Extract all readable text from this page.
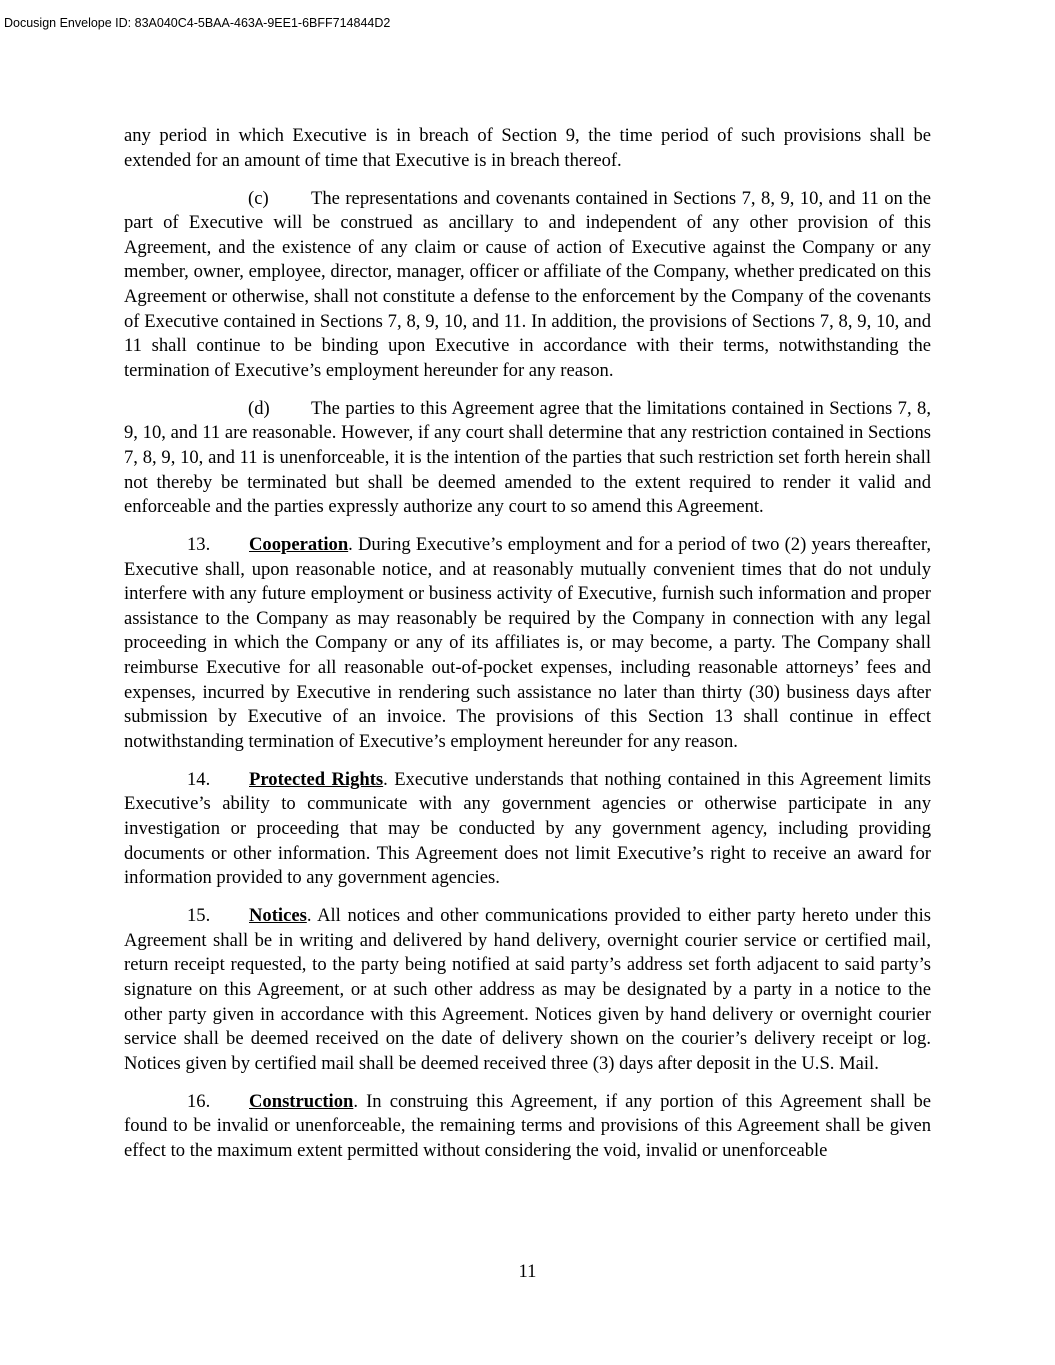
Docusign Envelope ID: 83A040C4-5BAA-463A-9EE1-6BFF714844D2

any period in which Executive is in breach of Section 9, the time period of such provisions shall be extended for an amount of time that Executive is in breach thereof.

(c) The representations and covenants contained in Sections 7, 8, 9, 10, and 11 on the part of Executive will be construed as ancillary to and independent of any other provision of this Agreement, and the existence of any claim or cause of action of Executive against the Company or any member, owner, employee, director, manager, officer or affiliate of the Company, whether predicated on this Agreement or otherwise, shall not constitute a defense to the enforcement by the Company of the covenants of Executive contained in Sections 7, 8, 9, 10, and 11. In addition, the provisions of Sections 7, 8, 9, 10, and 11 shall continue to be binding upon Executive in accordance with their terms, notwithstanding the termination of Executive’s employment hereunder for any reason.

(d) The parties to this Agreement agree that the limitations contained in Sections 7, 8, 9, 10, and 11 are reasonable. However, if any court shall determine that any restriction contained in Sections 7, 8, 9, 10, and 11 is unenforceable, it is the intention of the parties that such restriction set forth herein shall not thereby be terminated but shall be deemed amended to the extent required to render it valid and enforceable and the parties expressly authorize any court to so amend this Agreement.

13. Cooperation. During Executive’s employment and for a period of two (2) years thereafter, Executive shall, upon reasonable notice, and at reasonably mutually convenient times that do not unduly interfere with any future employment or business activity of Executive, furnish such information and proper assistance to the Company as may reasonably be required by the Company in connection with any legal proceeding in which the Company or any of its affiliates is, or may become, a party. The Company shall reimburse Executive for all reasonable out-of-pocket expenses, including reasonable attorneys’ fees and expenses, incurred by Executive in rendering such assistance no later than thirty (30) business days after submission by Executive of an invoice. The provisions of this Section 13 shall continue in effect notwithstanding termination of Executive’s employment hereunder for any reason.

14. Protected Rights. Executive understands that nothing contained in this Agreement limits Executive’s ability to communicate with any government agencies or otherwise participate in any investigation or proceeding that may be conducted by any government agency, including providing documents or other information. This Agreement does not limit Executive’s right to receive an award for information provided to any government agencies.

15. Notices. All notices and other communications provided to either party hereto under this Agreement shall be in writing and delivered by hand delivery, overnight courier service or certified mail, return receipt requested, to the party being notified at said party’s address set forth adjacent to said party’s signature on this Agreement, or at such other address as may be designated by a party in a notice to the other party given in accordance with this Agreement. Notices given by hand delivery or overnight courier service shall be deemed received on the date of delivery shown on the courier’s delivery receipt or log. Notices given by certified mail shall be deemed received three (3) days after deposit in the U.S. Mail.

16. Construction. In construing this Agreement, if any portion of this Agreement shall be found to be invalid or unenforceable, the remaining terms and provisions of this Agreement shall be given effect to the maximum extent permitted without considering the void, invalid or unenforceable

11
